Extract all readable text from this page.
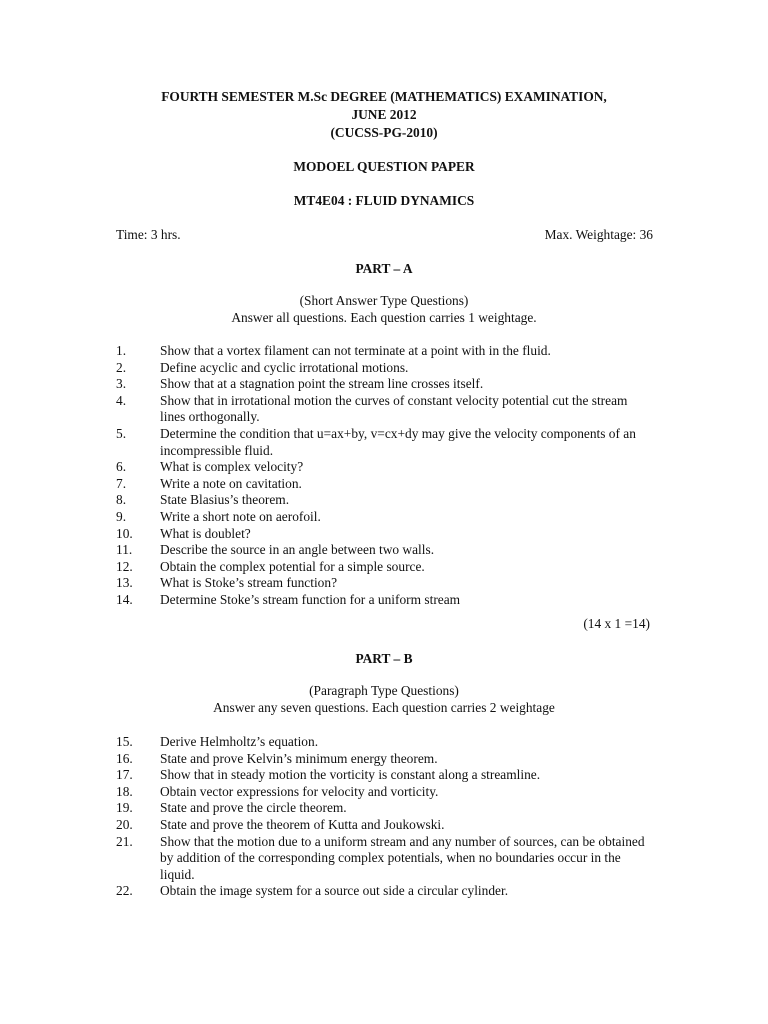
FOURTH SEMESTER M.Sc DEGREE (MATHEMATICS) EXAMINATION,
JUNE 2012
(CUCSS-PG-2010)
MODOEL QUESTION PAPER
MT4E04 : FLUID DYNAMICS
Time: 3 hrs.	Max. Weightage: 36
PART – A
(Short Answer Type Questions)
Answer all questions. Each question carries 1 weightage.
1.	Show that a vortex filament can not terminate at a point with in the fluid.
2.	Define acyclic and cyclic irrotational motions.
3.	Show that at a stagnation point the stream line crosses itself.
4.	Show that in irrotational motion the curves of constant velocity potential cut the stream lines orthogonally.
5.	Determine the condition that u=ax+by, v=cx+dy may give the velocity components of an incompressible fluid.
6.	What is complex velocity?
7.	Write a note on cavitation.
8.	State Blasius’s theorem.
9.	Write a short note on aerofoil.
10.	What is doublet?
11.	Describe the source in an angle between two walls.
12.	Obtain the complex potential for a simple source.
13.	What is Stoke’s stream function?
14.	Determine Stoke’s stream function for a uniform stream
(14 x 1 =14)
PART – B
(Paragraph Type Questions)
Answer any seven questions. Each question carries 2 weightage
15.	Derive Helmholtz’s equation.
16.	State and prove Kelvin’s minimum energy theorem.
17.	Show that in steady motion the vorticity is constant along a streamline.
18.	Obtain vector expressions for velocity and vorticity.
19.	State and prove the circle theorem.
20.	State and prove the theorem of Kutta and Joukowski.
21.	Show that the motion due to a uniform stream and any number of sources, can be obtained by addition of the corresponding complex potentials, when no boundaries occur in the liquid.
22.	Obtain the image system for a source out side a circular cylinder.
